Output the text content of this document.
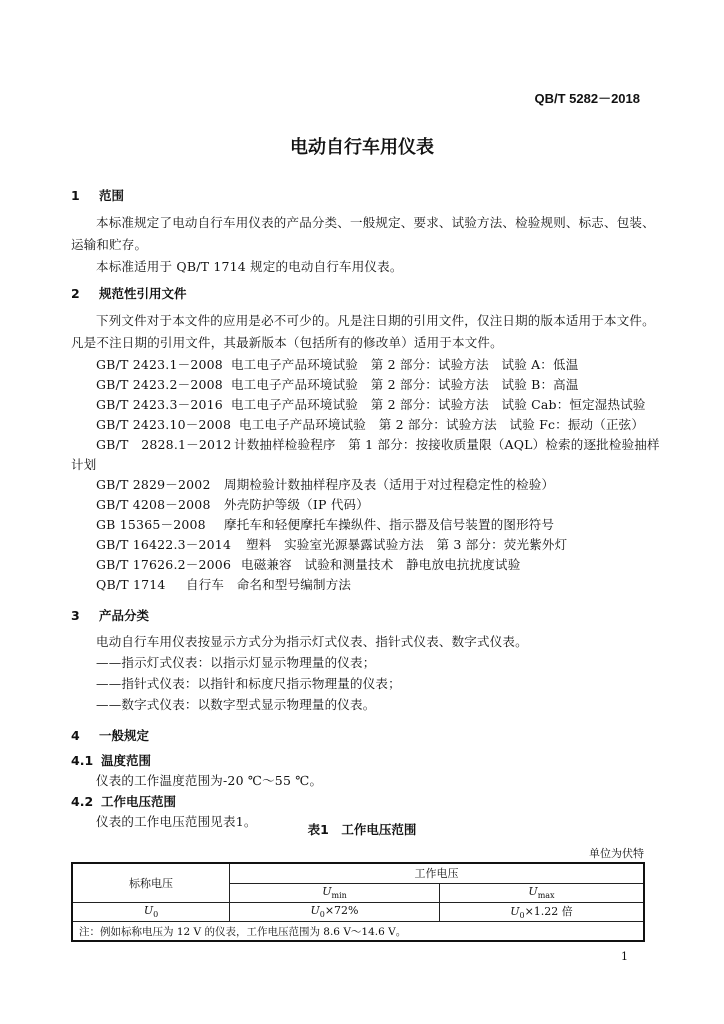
QB/T 5282－2018
电动自行车用仪表
1 范围
本标准规定了电动自行车用仪表的产品分类、一般规定、要求、试验方法、检验规则、标志、包装、
运输和贮存。
本标准适用于 QB/T 1714 规定的电动自行车用仪表。
2 规范性引用文件
下列文件对于本文件的应用是必不可少的。凡是注日期的引用文件，仅注日期的版本适用于本文件。
凡是不注日期的引用文件，其最新版本（包括所有的修改单）适用于本文件。
GB/T 2423.1－2008 电工电子产品环境试验　第 2 部分：试验方法　试验 A：低温
GB/T 2423.2－2008 电工电子产品环境试验　第 2 部分：试验方法　试验 B：高温
GB/T 2423.3－2016 电工电子产品环境试验　第 2 部分：试验方法　试验 Cab：恒定湿热试验
GB/T 2423.10－2008 电工电子产品环境试验　第 2 部分：试验方法　试验 Fc：振动（正弦）
GB/T　2828.1－2012 计数抽样检验程序　第 1 部分：按接收质量限（AQL）检索的逐批检验抽样
计划
GB/T 2829－2002 周期检验计数抽样程序及表（适用于对过程稳定性的检验）
GB/T 4208－2008 外壳防护等级（IP 代码）
GB 15365－2008 摩托车和轻便摩托车操纵件、指示器及信号装置的图形符号
GB/T 16422.3－2014 塑料　实验室光源暴露试验方法　第 3 部分：荧光紫外灯
GB/T 17626.2－2006 电磁兼容　试验和测量技术　静电放电抗扰度试验
QB/T 1714 自行车　命名和型号编制方法
3 产品分类
电动自行车用仪表按显示方式分为指示灯式仪表、指针式仪表、数字式仪表。
——指示灯式仪表：以指示灯显示物理量的仪表；
——指针式仪表：以指针和标度尺指示物理量的仪表；
——数字式仪表：以数字型式显示物理量的仪表。
4 一般规定
4.1 温度范围
仪表的工作温度范围为-20 ℃～55 ℃。
4.2 工作电压范围
仪表的工作电压范围见表1。
表1　工作电压范围
单位为伏特
标称电压	工作电压	
	$U_{min}$	$U_{max}$
$U_0$	$U_0\times 72\%$	$U_0\times 1.22$ 倍
注：例如标称电压为 12 V 的仪表，工作电压范围为 8.6 V～14.6 V。		
1
